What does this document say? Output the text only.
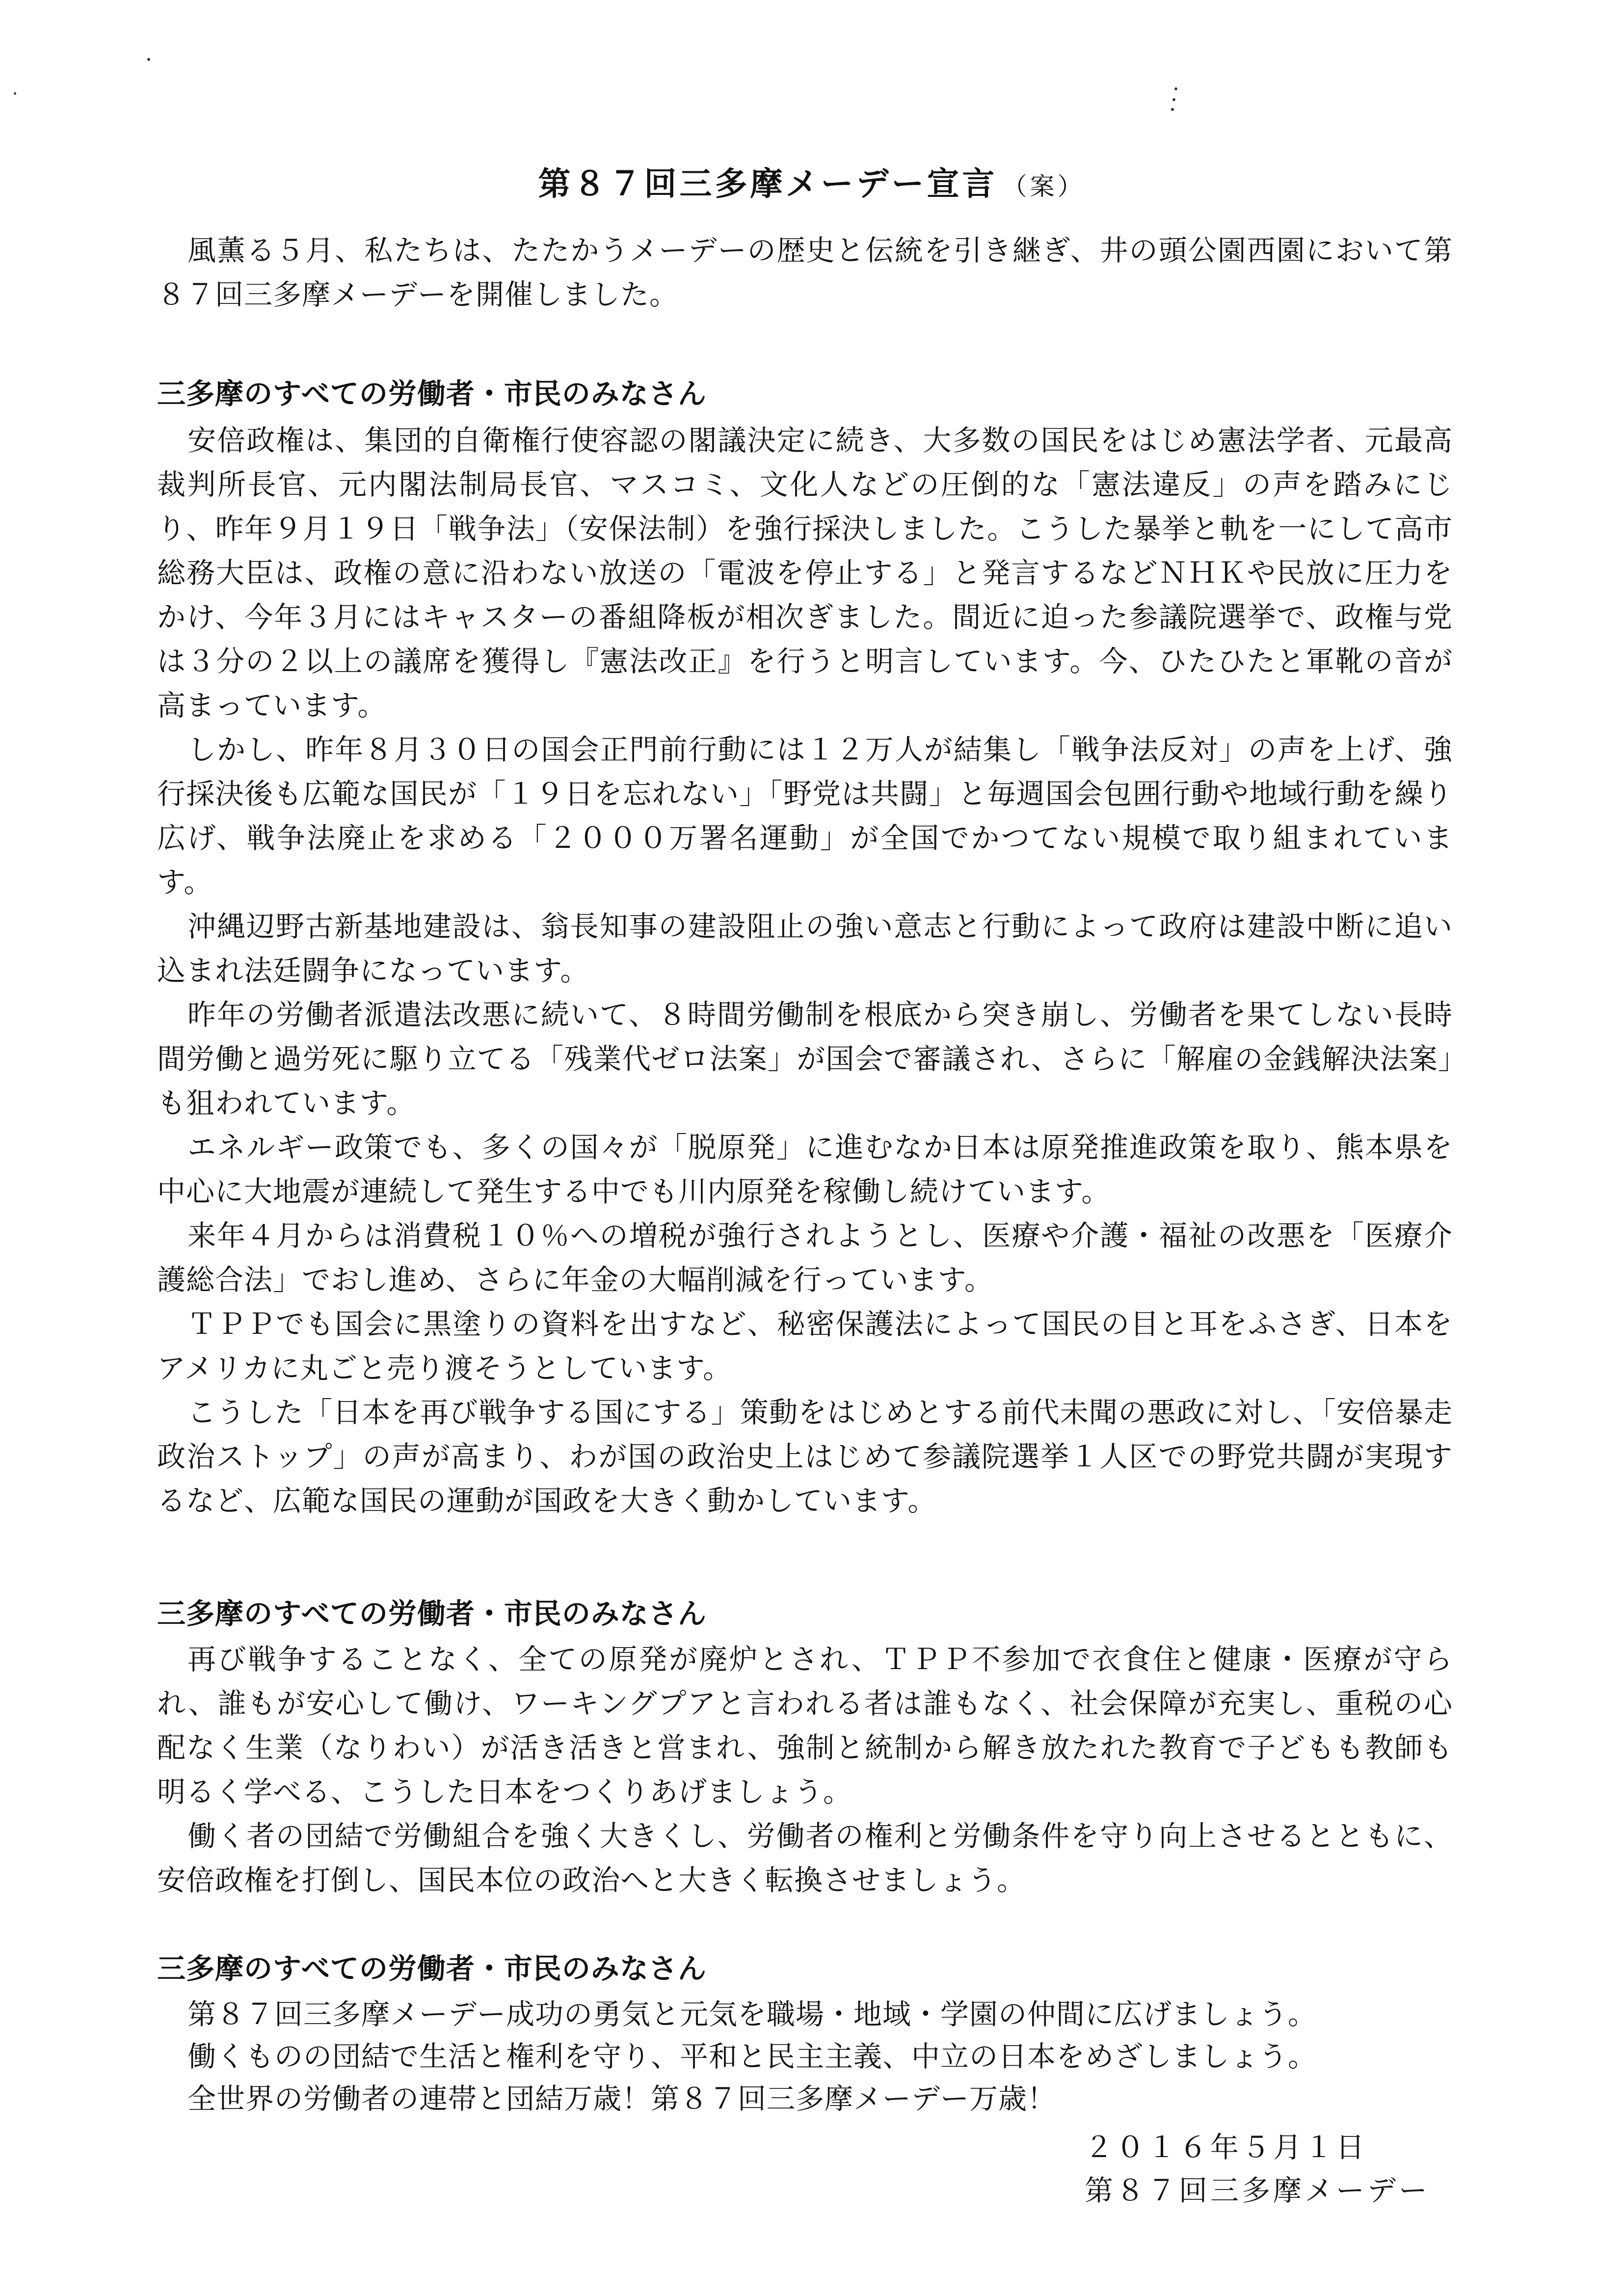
第８７回三多摩メーデー宣言 （案）

風薫る５月、私たちは、たたかうメーデーの歴史と伝統を引き継ぎ、井の頭公園西園において第８７回三多摩メーデーを開催しました。

三多摩のすべての労働者・市民のみなさん

安倍政権は、集団的自衛権行使容認の閣議決定に続き、大多数の国民をはじめ憲法学者、元最高裁判所長官、元内閣法制局長官、マスコミ、文化人などの圧倒的な「憲法違反」の声を踏みにじり、昨年９月１９日「戦争法」（安保法制）を強行採決しました。こうした暴挙と軌を一にして高市総務大臣は、政権の意に沿わない放送の「電波を停止する」と発言するなどＮＨＫや民放に圧力をかけ、今年３月にはキャスターの番組降板が相次ぎました。間近に迫った参議院選挙で、政権与党は３分の２以上の議席を獲得し『憲法改正』を行うと明言しています。今、ひたひたと軍靴の音が高まっています。

しかし、昨年８月３０日の国会正門前行動には１２万人が結集し「戦争法反対」の声を上げ、強行採決後も広範な国民が「１９日を忘れない」「野党は共闘」と毎週国会包囲行動や地域行動を繰り広げ、戦争法廃止を求める「２０００万署名運動」が全国でかつてない規模で取り組まれています。

沖縄辺野古新基地建設は、翁長知事の建設阻止の強い意志と行動によって政府は建設中断に追い込まれ法廷闘争になっています。

昨年の労働者派遣法改悪に続いて、８時間労働制を根底から突き崩し、労働者を果てしない長時間労働と過労死に駆り立てる「残業代ゼロ法案」が国会で審議され、さらに「解雇の金銭解決法案」も狙われています。

エネルギー政策でも、多くの国々が「脱原発」に進むなか日本は原発推進政策を取り、熊本県を中心に大地震が連続して発生する中でも川内原発を稼働し続けています。

来年４月からは消費税１０％への増税が強行されようとし、医療や介護・福祉の改悪を「医療介護総合法」でおし進め、さらに年金の大幅削減を行っています。

ＴＰＰでも国会に黒塗りの資料を出すなど、秘密保護法によって国民の目と耳をふさぎ、日本をアメリカに丸ごと売り渡そうとしています。

こうした「日本を再び戦争する国にする」策動をはじめとする前代未聞の悪政に対し、「安倍暴走政治ストップ」の声が高まり、わが国の政治史上はじめて参議院選挙１人区での野党共闘が実現するなど、広範な国民の運動が国政を大きく動かしています。

三多摩のすべての労働者・市民のみなさん

再び戦争することなく、全ての原発が廃炉とされ、ＴＰＰ不参加で衣食住と健康・医療が守られ、誰もが安心して働け、ワーキングプアと言われる者は誰もなく、社会保障が充実し、重税の心配なく生業（なりわい）が活き活きと営まれ、強制と統制から解き放たれた教育で子どもも教師も明るく学べる、こうした日本をつくりあげましょう。

働く者の団結で労働組合を強く大きくし、労働者の権利と労働条件を守り向上させるとともに、安倍政権を打倒し、国民本位の政治へと大きく転換させましょう。

三多摩のすべての労働者・市民のみなさん

第８７回三多摩メーデー成功の勇気と元気を職場・地域・学園の仲間に広げましょう。

働くものの団結で生活と権利を守り、平和と民主主義、中立の日本をめざしましょう。

全世界の労働者の連帯と団結万歳！第８７回三多摩メーデー万歳！

２０１６年５月１日
第８７回三多摩メーデー
